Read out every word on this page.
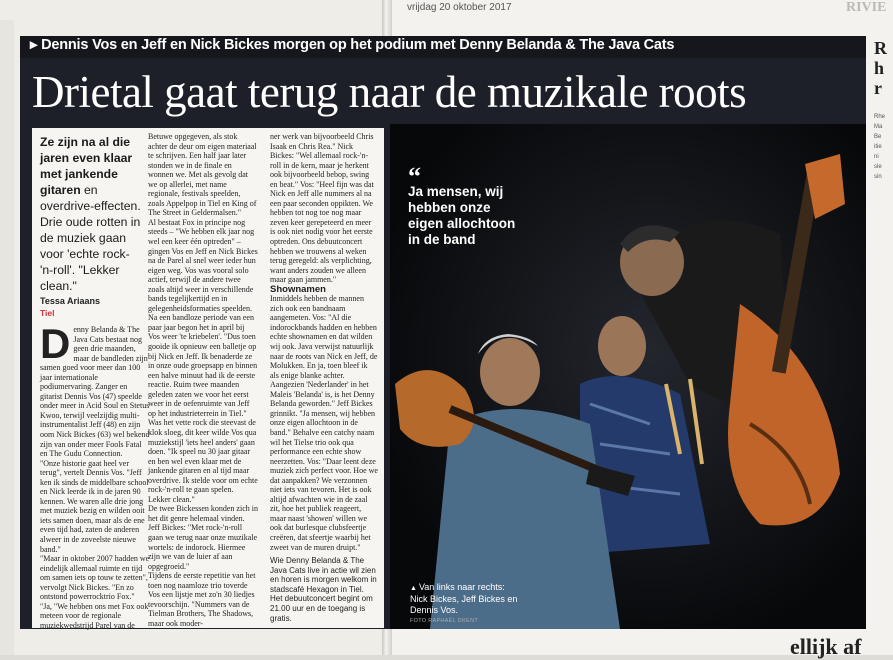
vrijdag 20 oktober 2017	RIVIE
▸ Dennis Vos en Jeff en Nick Bickes morgen op het podium met Denny Belanda & The Java Cats
Drietal gaat terug naar de muzikale roots
Ze zijn na al die jaren even klaar met jankende gitaren en overdrive-effecten. Drie oude rotten in de muziek gaan voor 'echte rock-'n-roll'. "Lekker clean."
Tessa Ariaans
Tiel
D enny Belanda & The Java Cats bestaat nog geen drie maanden, maar de bandleden zijn samen goed voor meer dan 100 jaar internationale podiumervaring. Zanger en gitarist Dennis Vos (47) speelde onder meer in Acid Soul en Stetus Kwoo, terwijl veelzijdig multi-instrumentalist Jeff (48) en zijn oom Nick Bickes (63) wel bekend zijn van onder meer Fools Fatal en The Gudu Connection.

"Onze historie gaat heel ver terug", vertelt Dennis Vos. "Jeff ken ik sinds de middelbare school en Nick leerde ik in de jaren 90 kennen. We waren alle drie jong met muziek bezig en wilden ooit iets samen doen, maar als de ene even tijd had, zaten de anderen alweer in de zoveelste nieuwe band."

"Maar in oktober 2007 hadden we eindelijk allemaal ruimte en tijd om samen iets op touw te zetten", vervolgt Nick Bickes. "En zo ontstond powerrocktrio Fox."

"Ja, "We hebben ons met Fox ook meteen voor de regionale muziekwedstrijd Parel van de

Betuwe opgegeven, als stok achter de deur om eigen materiaal te schrijven. Een half jaar later stonden we in de finale en wonnen we. Met als gevolg dat we op allerlei, met name regionale, festivals speelden, zoals Appelpop in Tiel en King of The Street in Geldermalsen."

Al bestaat Fox in principe nog steeds – "We hebben elk jaar nog wel een keer één optreden" – gingen Vos en Jeff en Nick Bickes na de Parel al snel weer ieder hun eigen weg. Vos was vooral solo actief, terwijl de andere twee zoals altijd weer in verschillende bands tegelijkertijd en in gelegenheidsformaties speelden. Na een bandloze periode van een paar jaar begon het in april bij Vos weer 'te kriebelen'. "Dus toen gooide ik opnieuw een balletje op bij Nick en Jeff. Ik benaderde ze in onze oude groepsapp en binnen een halve minuut had ik de eerste reactie. Ruim twee maanden geleden zaten we voor het eerst weer in de oefenruimte van Jeff op het industrieterrein in Tiel."

Was het vette rock die steevast de klok sloeg, dit keer wilde Vos qua muziekstijl 'iets heel anders' gaan doen. "Ik speel nu 30 jaar gitaar en ben wel even klaar met de jankende gitaren en al tijd maar overdrive. Ik stelde voor om echte rock-'n-roll te gaan spelen. Lekker clean."

De twee Bickessen konden zich in het dit genre helemaal vinden. Jeff Bickes: "Met rock-'n-roll gaan we terug naar onze muzikale wortels: de indorock. Hiermee zijn we van de luier af aan opgegroeid."

Tijdens de eerste repetitie van het toen nog naamloze trio toverde Vos een lijstje met zo'n 30 liedjes tevoorschijn. "Nummers van de Tielman Brothers, The Shadows, maar ook moder-

ner werk van bijvoorbeeld Chris Isaak en Chris Rea." Nick Bickes: "Wel allemaal rock-'n-roll in de kern, maar je herkent ook bijvoorbeeld bebop, swing en beat." Vos: "Heel fijn was dat Nick en Jeff alle nummers al na een paar seconden oppikten. We hebben tot nog toe nog maar zeven keer gerepeteerd en meer is ook niet nodig voor het eerste optreden. Ons debuutconcert hebben we trouwens al weken terug geregeld: als verplichting, want anders zouden we alleen maar gaan jammen."

Shownamen

Inmiddels hebben de mannen zich ook een bandnaam aangemeten. Vos: "Al die indorockbands hadden en hebben echte shownamen en dat wilden wij ook. Java verwijst natuurlijk naar de roots van Nick en Jeff, de Molukken. En ja, toen bleef ik als enige blanke achter. Aangezien 'Nederlander' in het Maleis 'Belanda' is, is het Denny Belanda geworden." Jeff Bickes grinnikt. "Ja mensen, wij hebben onze eigen allochtoon in de band." Behalve een catchy naam wil het Tielse trio ook qua performance een echte show neerzetten. Vos: "Daar leent deze muziek zich perfect voor. Hoe we dat aanpakken? We verzonnen niet iets van tevoren. Het is ook altijd afwachten wie in de zaal zit, hoe het publiek reageert, maar naast 'showen' willen we ook dat burlesque clubsfeertje creëren, dat sfeertje waarbij het zweet van de muren druipt."

Wie Denny Belanda & The Java Cats live in actie wil zien en horen is morgen welkom in stadscafé Hexagon in Tiel. Het debuutconcert begint om 21.00 uur en de toegang is gratis.

“
Ja mensen, wij hebben onze eigen allochtoon in de band
▲ Van links naar rechts: Nick Bickes, Jeff Bickes en Dennis Vos.
FOTO RAPHAËL DRENT
R
h
r
Rhe
Ma
Be
itie
ni
sle
sin
ellijk af
